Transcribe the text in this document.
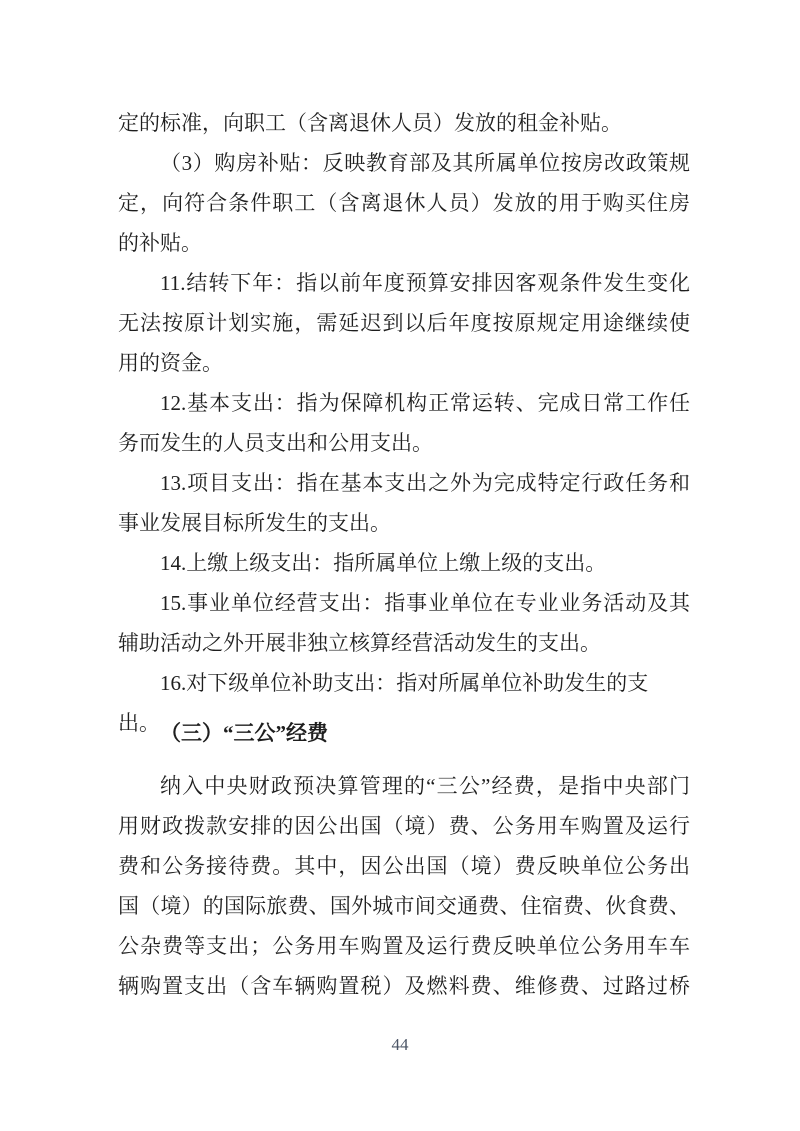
定的标准，向职工（含离退休人员）发放的租金补贴。
（3）购房补贴：反映教育部及其所属单位按房改政策规
定，向符合条件职工（含离退休人员）发放的用于购买住房
的补贴。
11.结转下年：指以前年度预算安排因客观条件发生变化
无法按原计划实施，需延迟到以后年度按原规定用途继续使
用的资金。
12.基本支出：指为保障机构正常运转、完成日常工作任
务而发生的人员支出和公用支出。
13.项目支出：指在基本支出之外为完成特定行政任务和
事业发展目标所发生的支出。
14.上缴上级支出：指所属单位上缴上级的支出。
15.事业单位经营支出：指事业单位在专业业务活动及其
辅助活动之外开展非独立核算经营活动发生的支出。
16.对下级单位补助支出：指对所属单位补助发生的支出。 （三）“三公”经费
纳入中央财政预决算管理的“三公”经费，是指中央部门
用财政拨款安排的因公出国（境）费、公务用车购置及运行
费和公务接待费。其中，因公出国（境）费反映单位公务出
国（境）的国际旅费、国外城市间交通费、住宿费、伙食费、
公杂费等支出；公务用车购置及运行费反映单位公务用车车
辆购置支出（含车辆购置税）及燃料费、维修费、过路过桥
44
